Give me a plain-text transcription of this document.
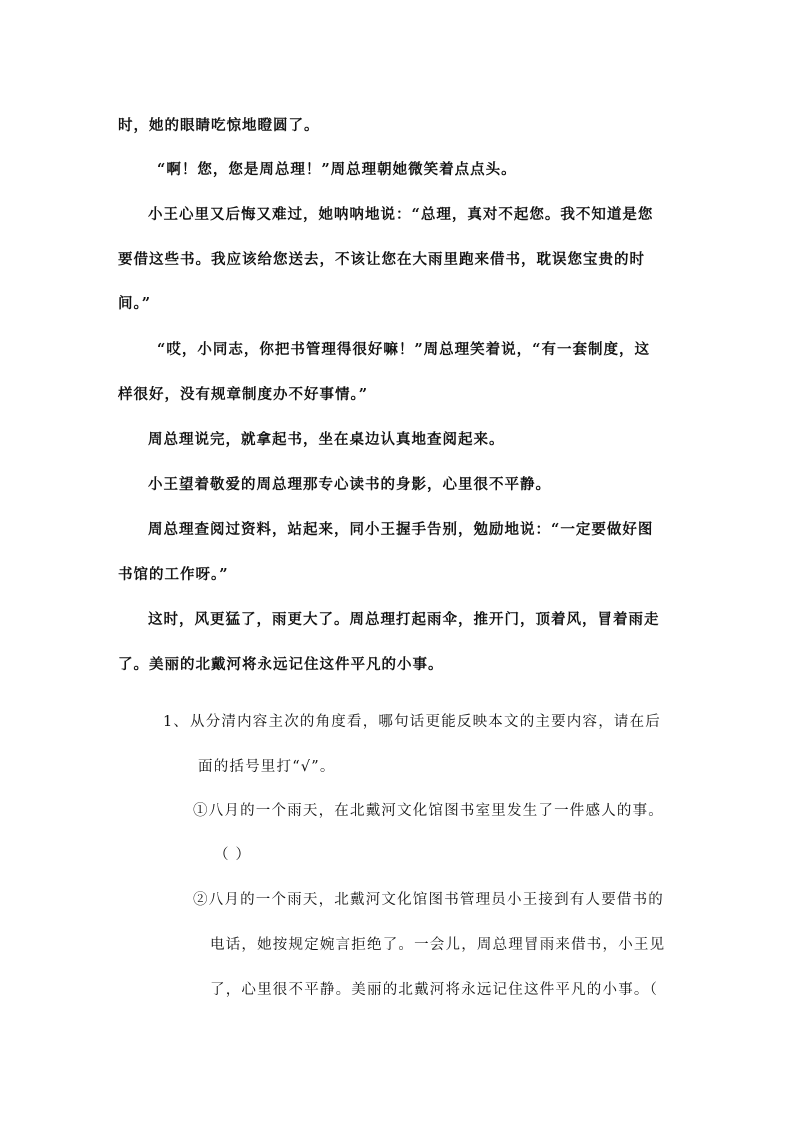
时，她的眼睛吃惊地瞪圆了。
“啊！您，您是周总理！”周总理朝她微笑着点点头。
小王心里又后悔又难过，她呐呐地说：“总理，真对不起您。我不知道是您
要借这些书。我应该给您送去，不该让您在大雨里跑来借书，耽误您宝贵的时
间。”
“哎，小同志，你把书管理得很好嘛！”周总理笑着说，“有一套制度，这
样很好，没有规章制度办不好事情。”
周总理说完，就拿起书，坐在桌边认真地查阅起来。
小王望着敬爱的周总理那专心读书的身影，心里很不平静。
周总理查阅过资料，站起来，同小王握手告别，勉励地说：“一定要做好图
书馆的工作呀。”
这时，风更猛了，雨更大了。周总理打起雨伞，推开门，顶着风，冒着雨走
了。美丽的北戴河将永远记住这件平凡的小事。
1、 从分清内容主次的角度看，哪句话更能反映本文的主要内容，请在后
面的括号里打“√”。
①八月的一个雨天，在北戴河文化馆图书室里发生了一件感人的事。
（ ）
②八月的一个雨天，北戴河文化馆图书管理员小王接到有人要借书的
电话，她按规定婉言拒绝了。一会儿，周总理冒雨来借书，小王见
了，心里很不平静。美丽的北戴河将永远记住这件平凡的小事。（
